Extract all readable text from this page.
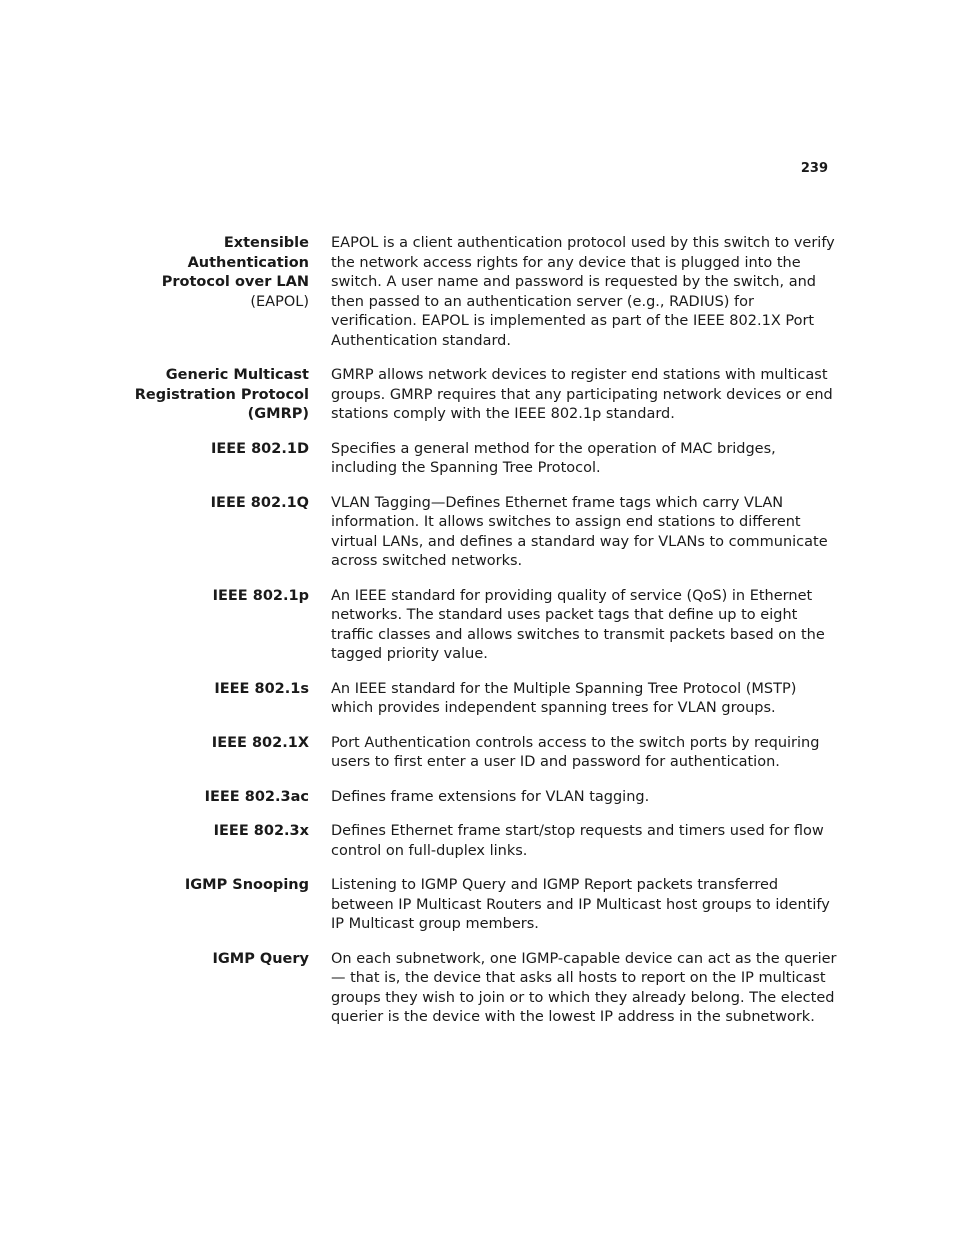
239
Extensible
Authentication
Protocol over LAN
(EAPOL)
EAPOL is a client authentication protocol used by this switch to verify the network access rights for any device that is plugged into the switch. A user name and password is requested by the switch, and then passed to an authentication server (e.g., RADIUS) for verification. EAPOL is implemented as part of the IEEE 802.1X Port Authentication standard.
Generic Multicast
Registration Protocol
(GMRP)
GMRP allows network devices to register end stations with multicast groups. GMRP requires that any participating network devices or end stations comply with the IEEE 802.1p standard.
IEEE 802.1D Specifies a general method for the operation of MAC bridges, including the Spanning Tree Protocol.
IEEE 802.1Q VLAN Tagging—Defines Ethernet frame tags which carry VLAN information. It allows switches to assign end stations to different virtual LANs, and defines a standard way for VLANs to communicate across switched networks.
IEEE 802.1p An IEEE standard for providing quality of service (QoS) in Ethernet networks. The standard uses packet tags that define up to eight traffic classes and allows switches to transmit packets based on the tagged priority value.
IEEE 802.1s An IEEE standard for the Multiple Spanning Tree Protocol (MSTP) which provides independent spanning trees for VLAN groups.
IEEE 802.1X Port Authentication controls access to the switch ports by requiring users to first enter a user ID and password for authentication.
IEEE 802.3ac Defines frame extensions for VLAN tagging.
IEEE 802.3x Defines Ethernet frame start/stop requests and timers used for flow control on full-duplex links.
IGMP Snooping Listening to IGMP Query and IGMP Report packets transferred between IP Multicast Routers and IP Multicast host groups to identify IP Multicast group members.
IGMP Query On each subnetwork, one IGMP-capable device can act as the querier — that is, the device that asks all hosts to report on the IP multicast groups they wish to join or to which they already belong. The elected querier is the device with the lowest IP address in the subnetwork.
